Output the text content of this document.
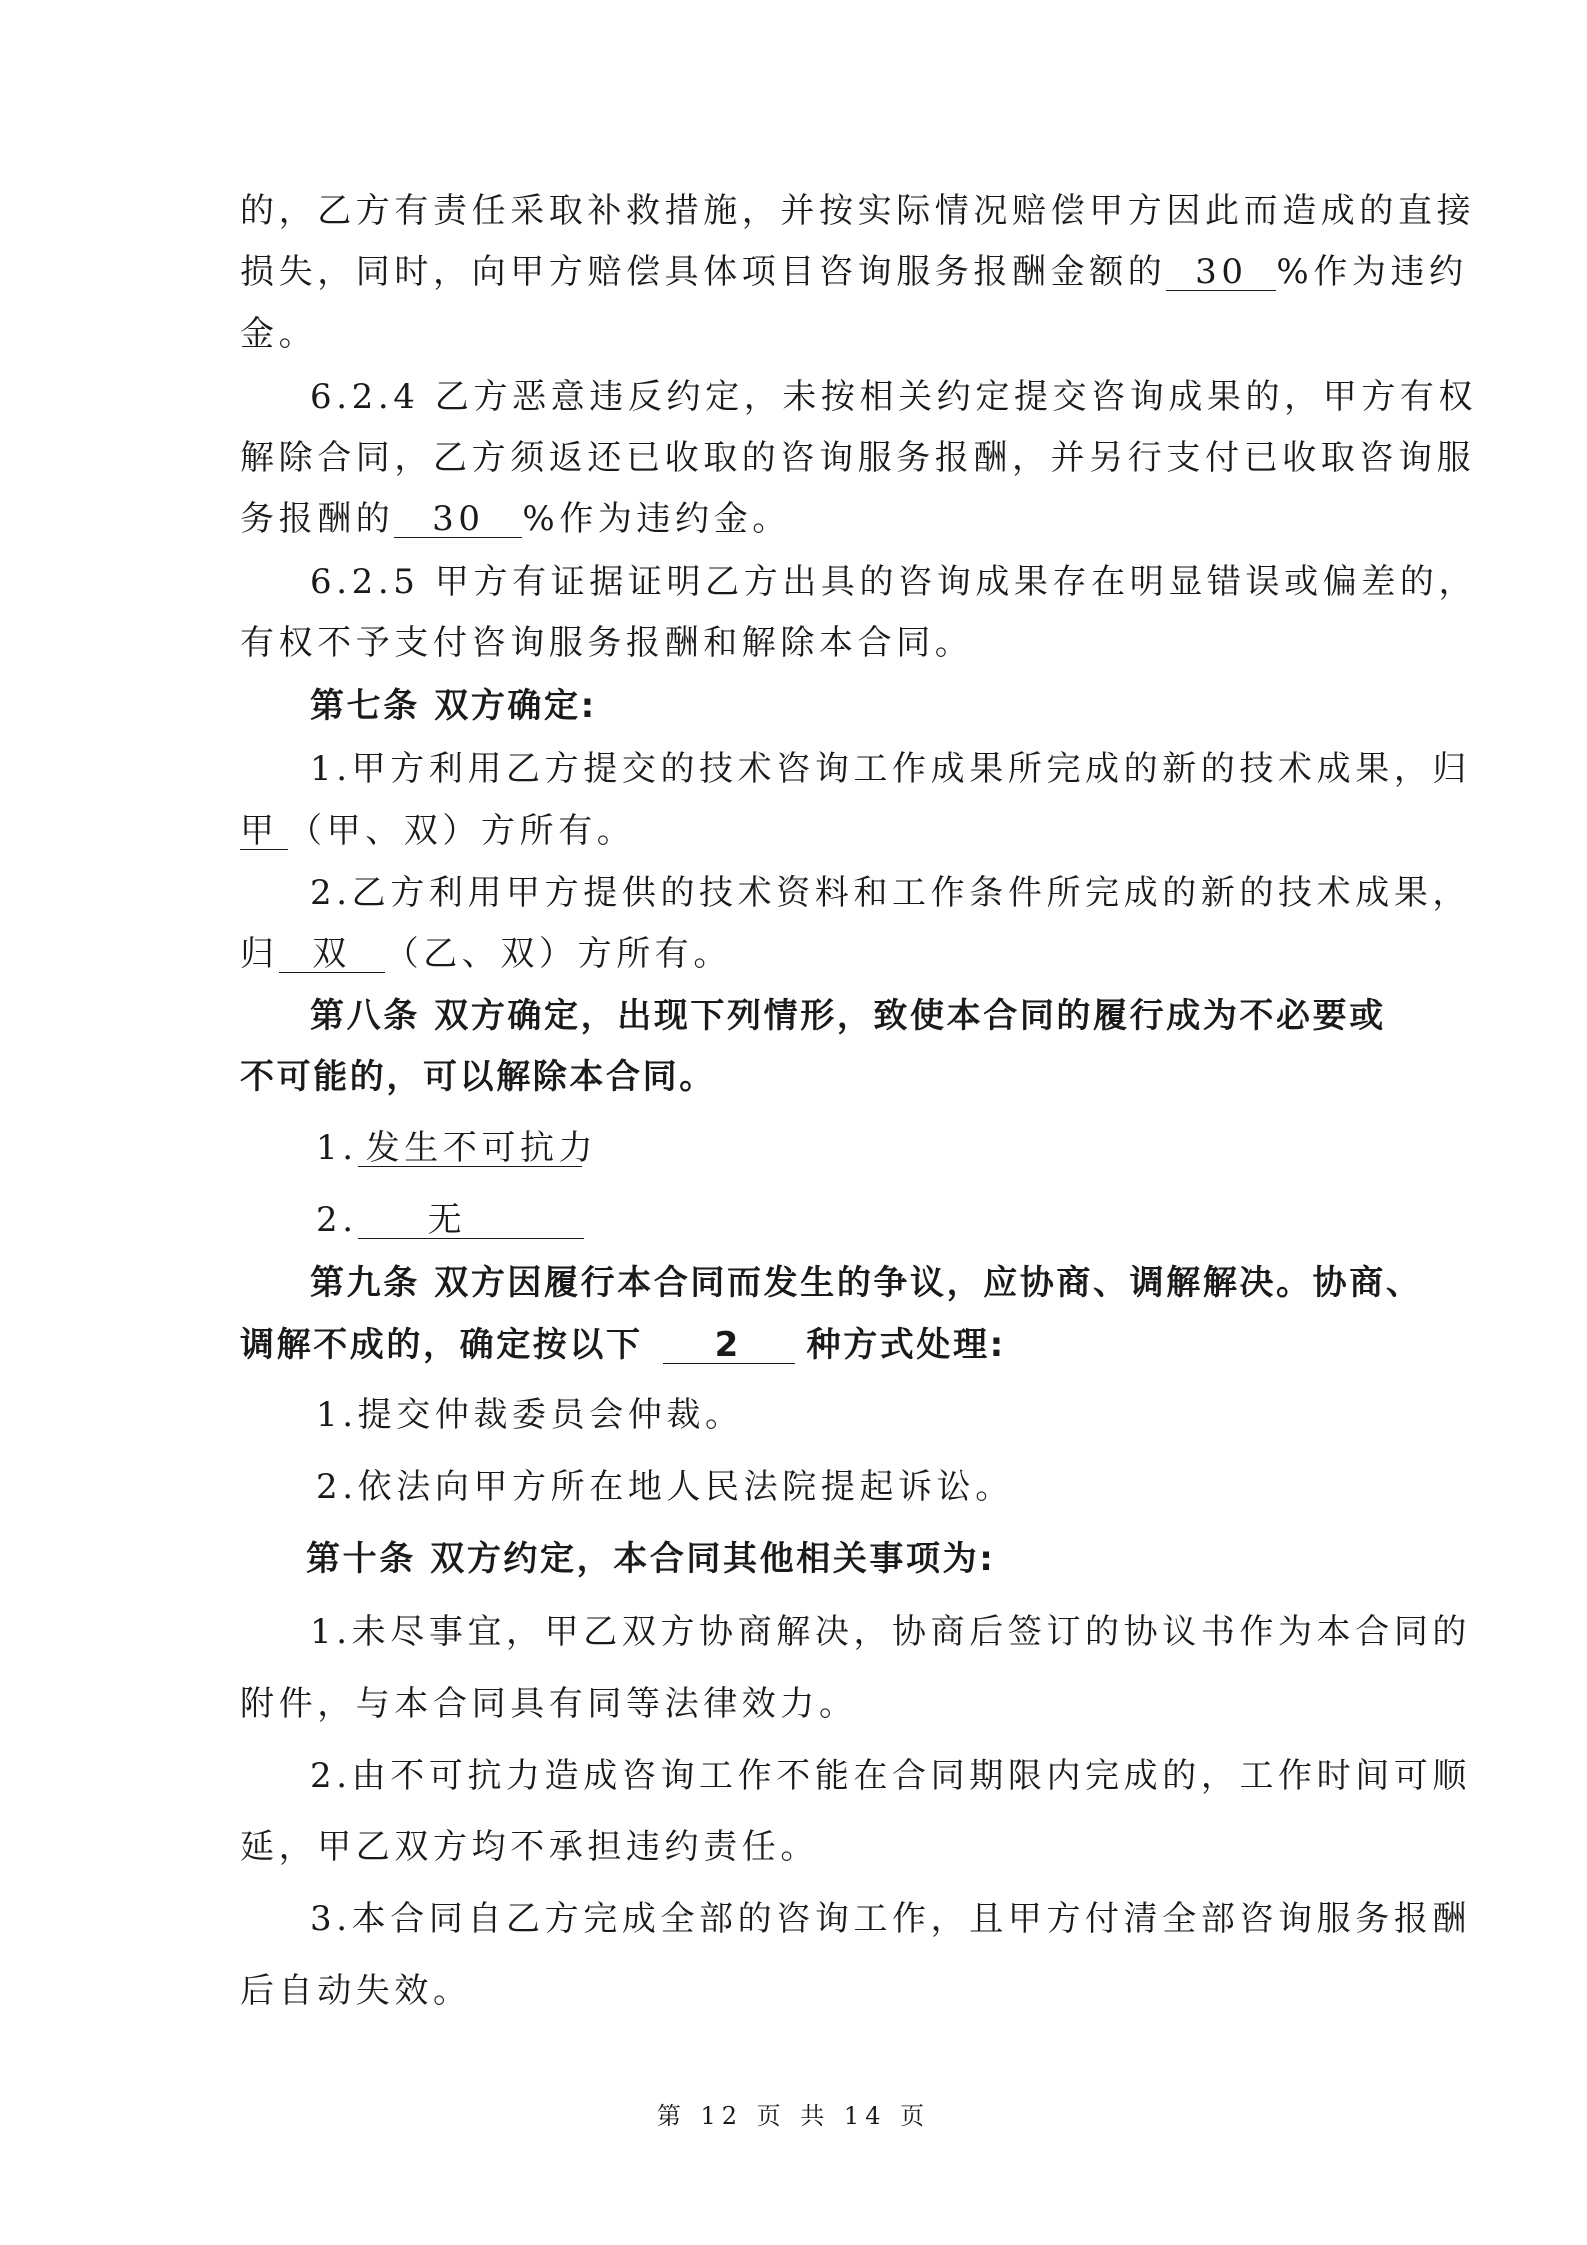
的，乙方有责任采取补救措施，并按实际情况赔偿甲方因此而造成的直接
损失，同时，向甲方赔偿具体项目咨询服务报酬金额的 30 %作为违约
金。
6.2.4 乙方恶意违反约定，未按相关约定提交咨询成果的，甲方有权
解除合同，乙方须返还已收取的咨询服务报酬，并另行支付已收取咨询服
务报酬的 30 %作为违约金。
6.2.5 甲方有证据证明乙方出具的咨询成果存在明显错误或偏差的，
有权不予支付咨询服务报酬和解除本合同。
第七条 双方确定:
1.甲方利用乙方提交的技术咨询工作成果所完成的新的技术成果，归
甲 （甲、双）方所有。
2.乙方利用甲方提供的技术资料和工作条件所完成的新的技术成果，
归 双 （乙、双）方所有。
第八条 双方确定，出现下列情形，致使本合同的履行成为不必要或
不可能的，可以解除本合同。
1. 发生不可抗力
2. 无
第九条 双方因履行本合同而发生的争议，应协商、调解解决。协商、
调解不成的，确定按以下 2 种方式处理:
1.提交仲裁委员会仲裁。
2.依法向甲方所在地人民法院提起诉讼。
第十条 双方约定，本合同其他相关事项为:
1.未尽事宜，甲乙双方协商解决，协商后签订的协议书作为本合同的
附件，与本合同具有同等法律效力。
2.由不可抗力造成咨询工作不能在合同期限内完成的，工作时间可顺
延，甲乙双方均不承担违约责任。
3.本合同自乙方完成全部的咨询工作，且甲方付清全部咨询服务报酬
后自动失效。
第 12 页 共 14 页
